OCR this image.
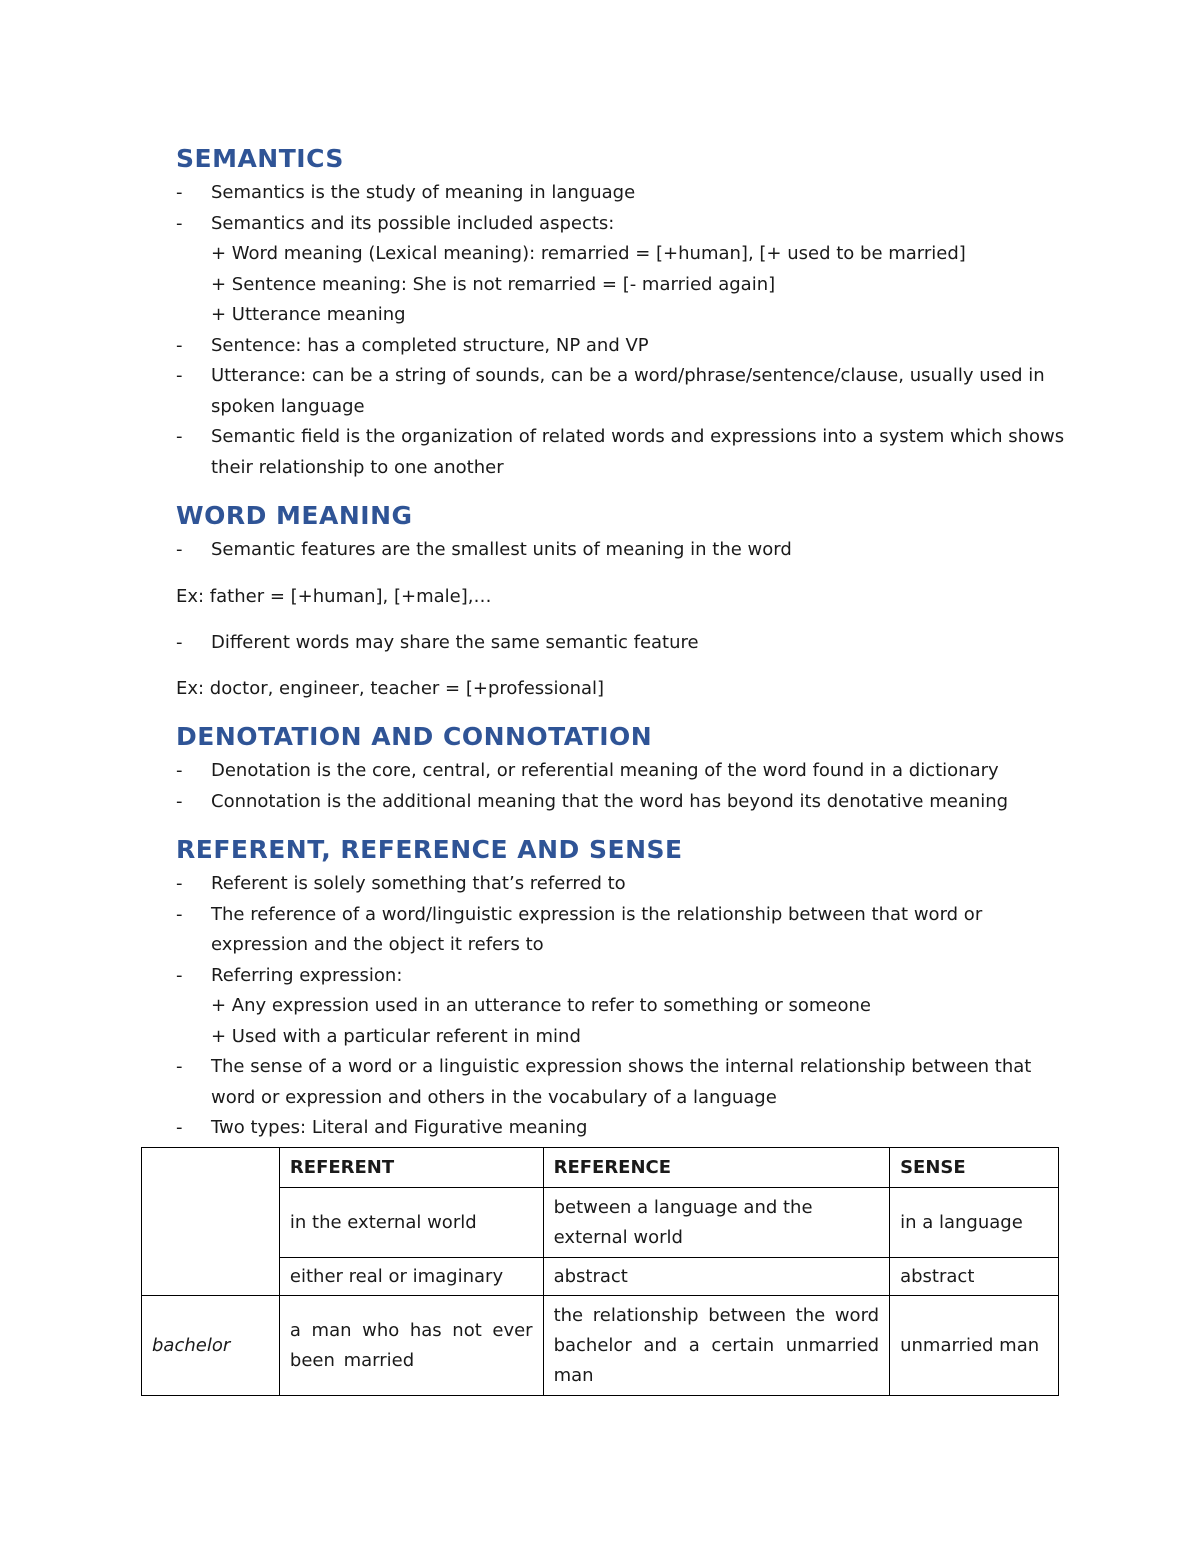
SEMANTICS
- Semantics is the study of meaning in language
- Semantics and its possible included aspects:
+ Word meaning (Lexical meaning): remarried = [+human], [+ used to be married]
+ Sentence meaning: She is not remarried = [- married again]
+ Utterance meaning
- Sentence: has a completed structure, NP and VP
- Utterance: can be a string of sounds, can be a word/phrase/sentence/clause, usually used in spoken language
- Semantic field is the organization of related words and expressions into a system which shows their relationship to one another
WORD MEANING
- Semantic features are the smallest units of meaning in the word
Ex: father = [+human], [+male],…
- Different words may share the same semantic feature
Ex: doctor, engineer, teacher = [+professional]
DENOTATION AND CONNOTATION
- Denotation is the core, central, or referential meaning of the word found in a dictionary
- Connotation is the additional meaning that the word has beyond its denotative meaning
REFERENT, REFERENCE AND SENSE
- Referent is solely something that’s referred to
- The reference of a word/linguistic expression is the relationship between that word or expression and the object it refers to
- Referring expression:
+ Any expression used in an utterance to refer to something or someone
+ Used with a particular referent in mind
- The sense of a word or a linguistic expression shows the internal relationship between that word or expression and others in the vocabulary of a language
- Two types: Literal and Figurative meaning
	REFERENT	REFERENCE	SENSE
	in the external world	between a language and the external world	in a language
	either real or imaginary	abstract	abstract
bachelor	a man who has not ever been married	the relationship between the word bachelor and a certain unmarried man	unmarried man
